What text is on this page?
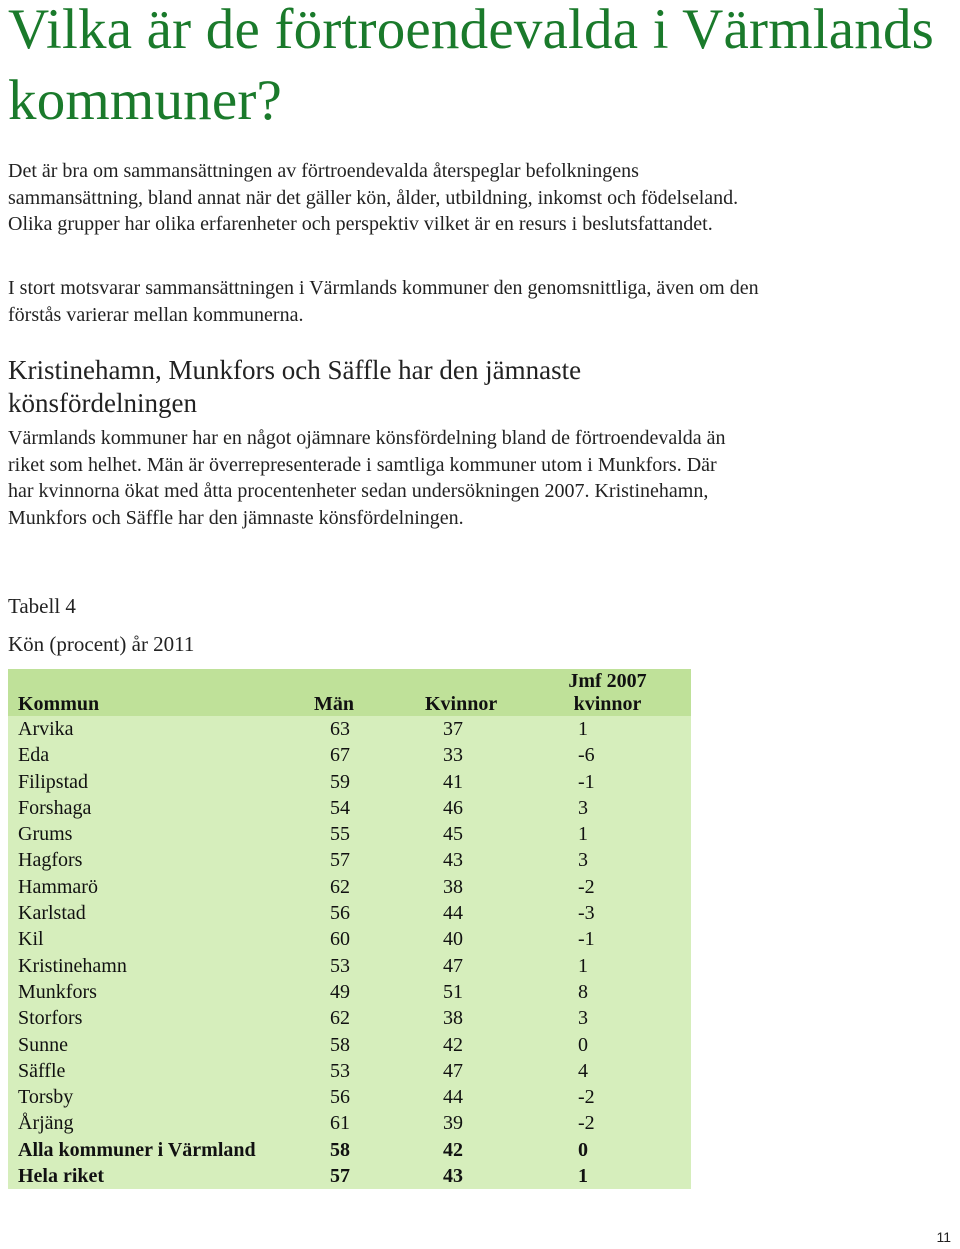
Vilka är de förtroendevalda i Värmlands kommuner?

Det är bra om sammansättningen av förtroendevalda återspeglar befolkningens sammansättning, bland annat när det gäller kön, ålder, utbildning, inkomst och födelseland. Olika grupper har olika erfarenheter och perspektiv vilket är en resurs i beslutsfattandet.

I stort motsvarar sammansättningen i Värmlands kommuner den genomsnittliga, även om den förstås varierar mellan kommunerna.

Kristinehamn, Munkfors och Säffle har den jämnaste könsfördelningen

Värmlands kommuner har en något ojämnare könsfördelning bland de förtroendevalda än riket som helhet. Män är överrepresenterade i samtliga kommuner utom i Munkfors. Där har kvinnorna ökat med åtta procentenheter sedan undersökningen 2007. Kristinehamn, Munkfors och Säffle har den jämnaste könsfördelningen.

Tabell 4

Kön (procent) år 2011

Kommun	Män	Kvinnor	Jmf 2007
kvinnor
Arvika	63	37	1
Eda	67	33	-6
Filipstad	59	41	-1
Forshaga	54	46	3
Grums	55	45	1
Hagfors	57	43	3
Hammarö	62	38	-2
Karlstad	56	44	-3
Kil	60	40	-1
Kristinehamn	53	47	1
Munkfors	49	51	8
Storfors	62	38	3
Sunne	58	42	0
Säffle	53	47	4
Torsby	56	44	-2
Årjäng	61	39	-2
Alla kommuner i Värmland	58	42	0
Hela riket	57	43	1

11
